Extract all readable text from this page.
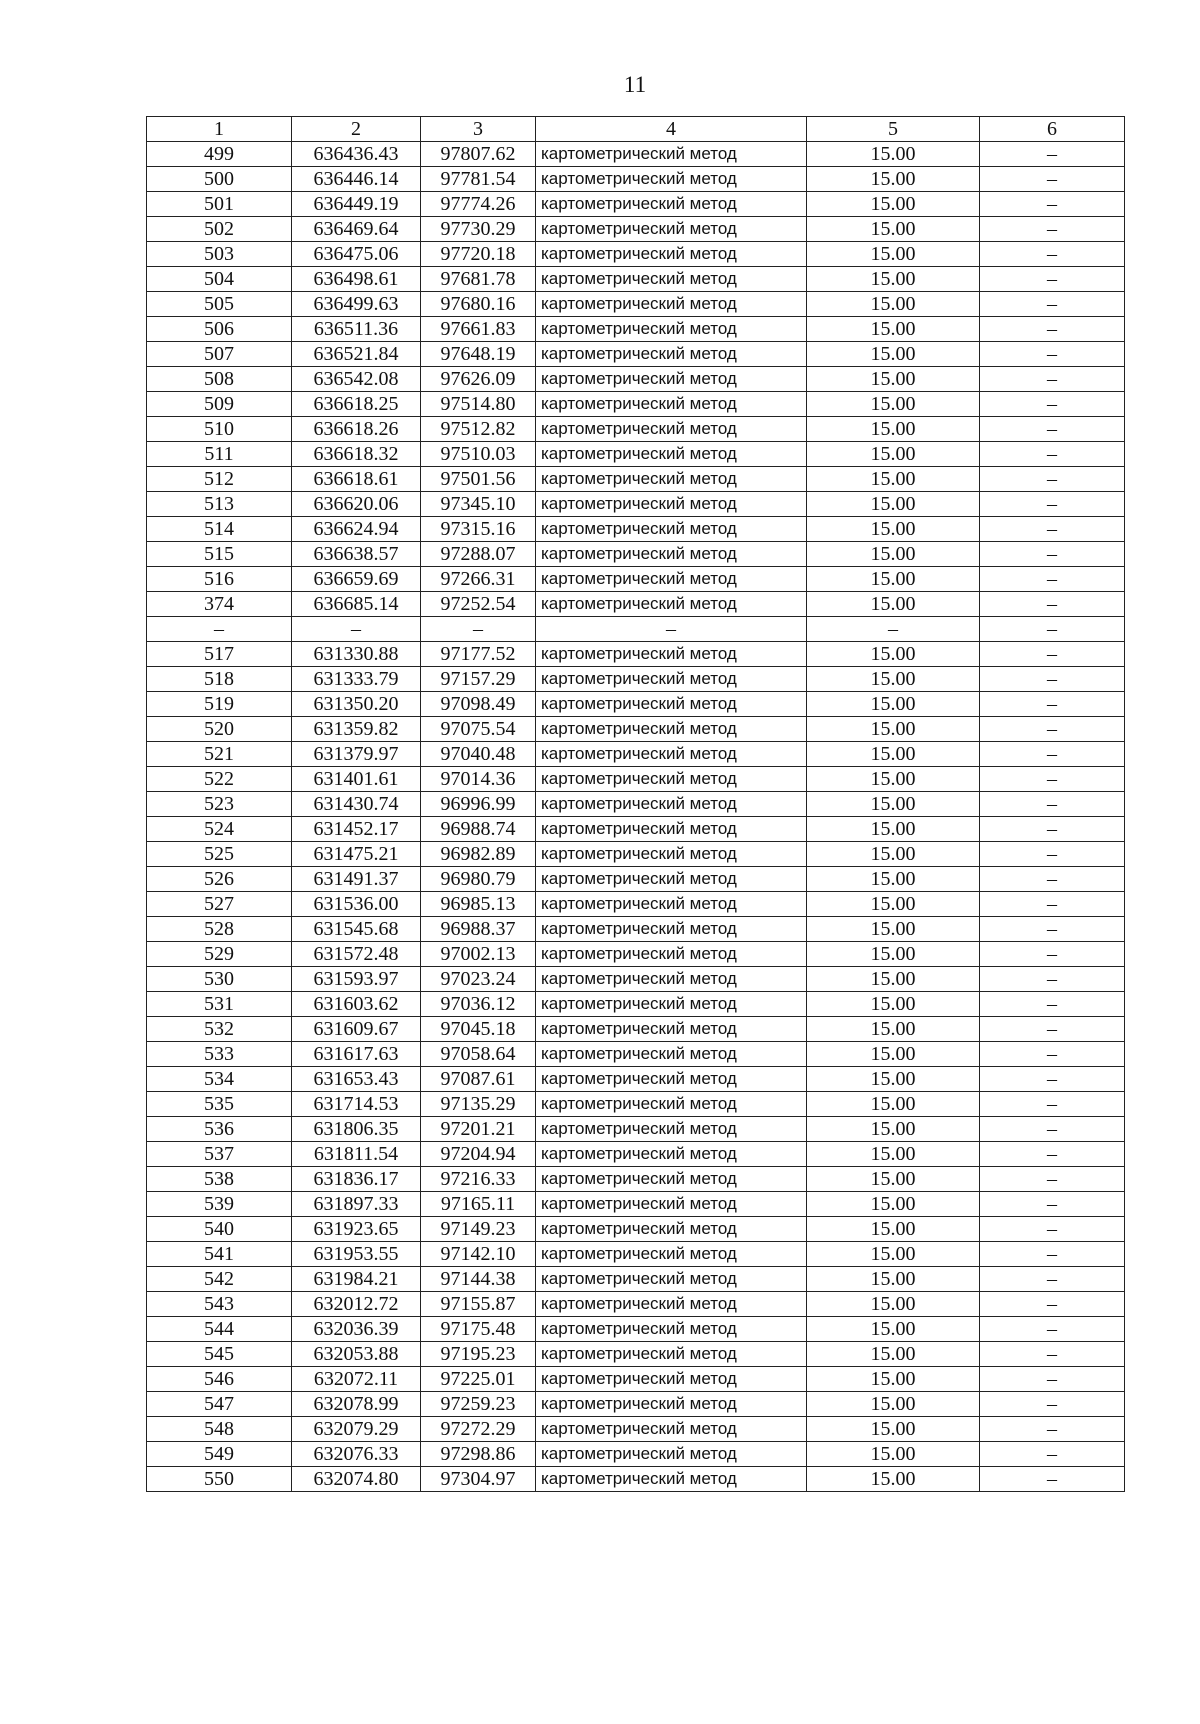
11
1	2	3	4	5	6
499	636436.43	97807.62	картометрический метод	15.00	–
500	636446.14	97781.54	картометрический метод	15.00	–
501	636449.19	97774.26	картометрический метод	15.00	–
502	636469.64	97730.29	картометрический метод	15.00	–
503	636475.06	97720.18	картометрический метод	15.00	–
504	636498.61	97681.78	картометрический метод	15.00	–
505	636499.63	97680.16	картометрический метод	15.00	–
506	636511.36	97661.83	картометрический метод	15.00	–
507	636521.84	97648.19	картометрический метод	15.00	–
508	636542.08	97626.09	картометрический метод	15.00	–
509	636618.25	97514.80	картометрический метод	15.00	–
510	636618.26	97512.82	картометрический метод	15.00	–
511	636618.32	97510.03	картометрический метод	15.00	–
512	636618.61	97501.56	картометрический метод	15.00	–
513	636620.06	97345.10	картометрический метод	15.00	–
514	636624.94	97315.16	картометрический метод	15.00	–
515	636638.57	97288.07	картометрический метод	15.00	–
516	636659.69	97266.31	картометрический метод	15.00	–
374	636685.14	97252.54	картометрический метод	15.00	–
–	–	–	–	–	–
517	631330.88	97177.52	картометрический метод	15.00	–
518	631333.79	97157.29	картометрический метод	15.00	–
519	631350.20	97098.49	картометрический метод	15.00	–
520	631359.82	97075.54	картометрический метод	15.00	–
521	631379.97	97040.48	картометрический метод	15.00	–
522	631401.61	97014.36	картометрический метод	15.00	–
523	631430.74	96996.99	картометрический метод	15.00	–
524	631452.17	96988.74	картометрический метод	15.00	–
525	631475.21	96982.89	картометрический метод	15.00	–
526	631491.37	96980.79	картометрический метод	15.00	–
527	631536.00	96985.13	картометрический метод	15.00	–
528	631545.68	96988.37	картометрический метод	15.00	–
529	631572.48	97002.13	картометрический метод	15.00	–
530	631593.97	97023.24	картометрический метод	15.00	–
531	631603.62	97036.12	картометрический метод	15.00	–
532	631609.67	97045.18	картометрический метод	15.00	–
533	631617.63	97058.64	картометрический метод	15.00	–
534	631653.43	97087.61	картометрический метод	15.00	–
535	631714.53	97135.29	картометрический метод	15.00	–
536	631806.35	97201.21	картометрический метод	15.00	–
537	631811.54	97204.94	картометрический метод	15.00	–
538	631836.17	97216.33	картометрический метод	15.00	–
539	631897.33	97165.11	картометрический метод	15.00	–
540	631923.65	97149.23	картометрический метод	15.00	–
541	631953.55	97142.10	картометрический метод	15.00	–
542	631984.21	97144.38	картометрический метод	15.00	–
543	632012.72	97155.87	картометрический метод	15.00	–
544	632036.39	97175.48	картометрический метод	15.00	–
545	632053.88	97195.23	картометрический метод	15.00	–
546	632072.11	97225.01	картометрический метод	15.00	–
547	632078.99	97259.23	картометрический метод	15.00	–
548	632079.29	97272.29	картометрический метод	15.00	–
549	632076.33	97298.86	картометрический метод	15.00	–
550	632074.80	97304.97	картометрический метод	15.00	–
